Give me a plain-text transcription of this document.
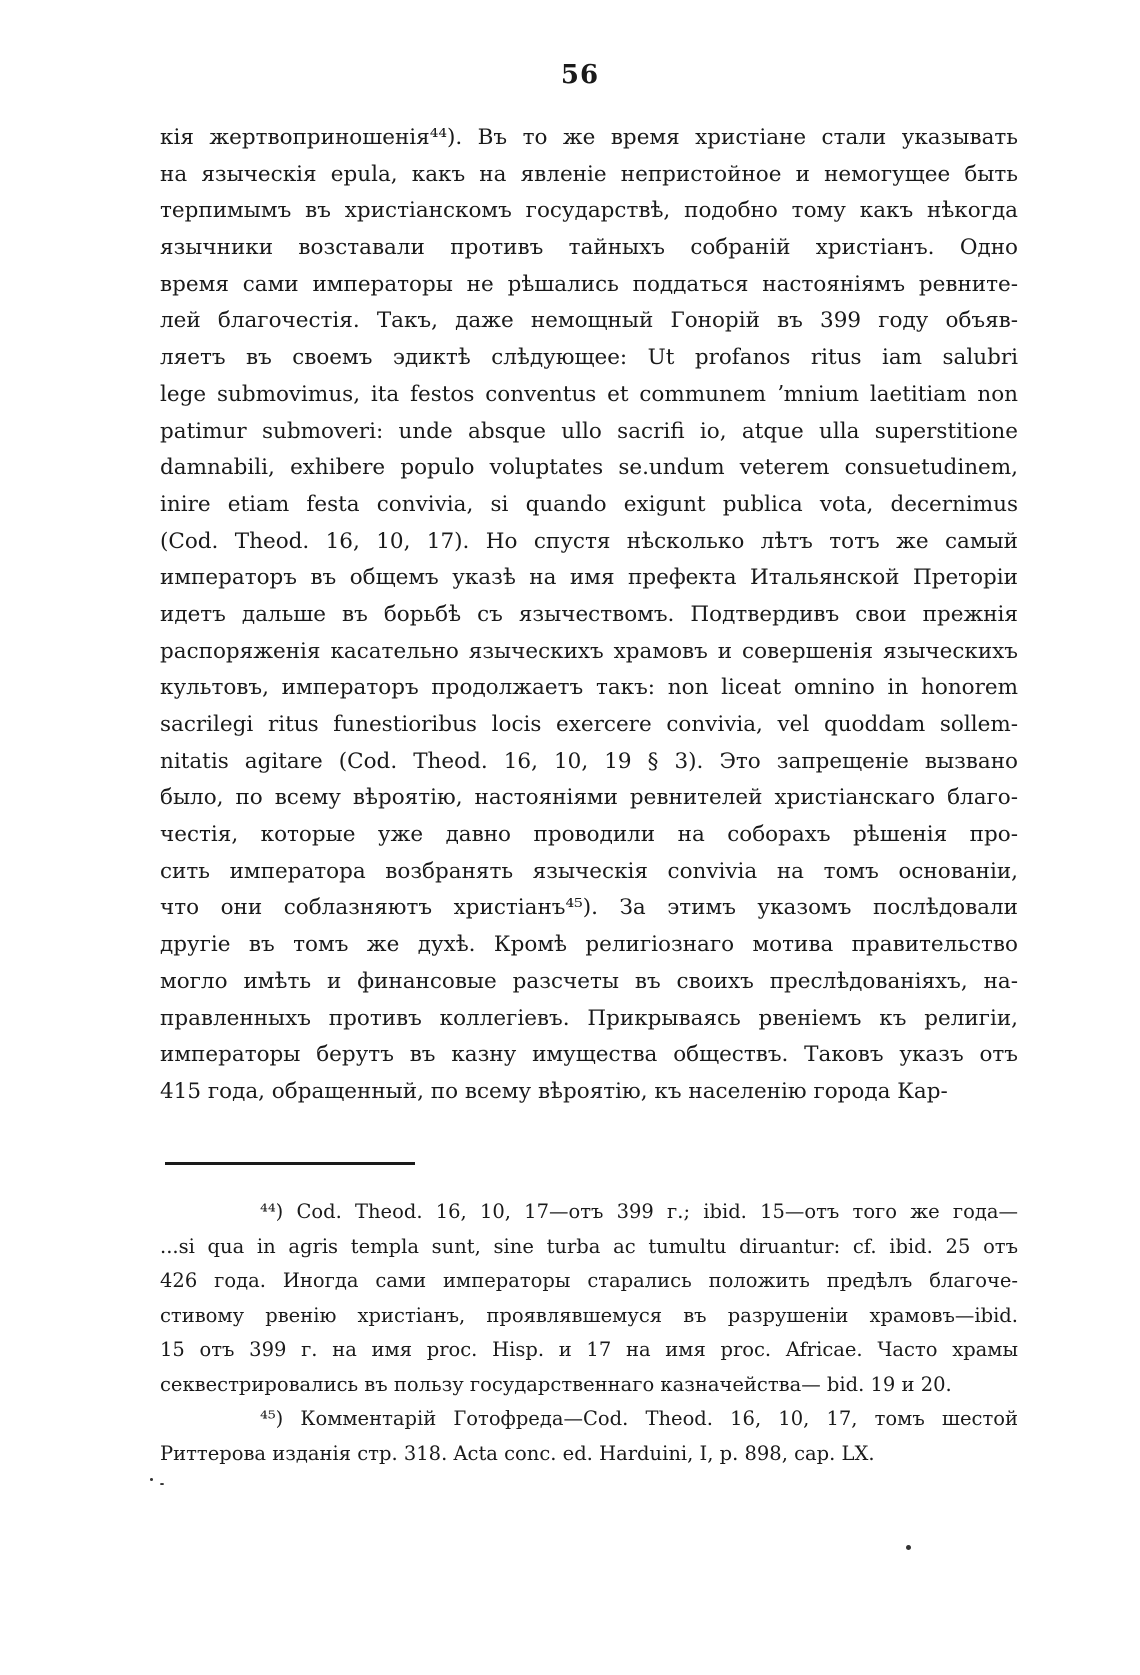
56
кія жертвоприношенія⁴⁴). Въ то же время христіане стали указывать
на языческія epula, какъ на явленіе непристойное и немогущее быть
терпимымъ въ христіанскомъ государствѣ, подобно тому какъ нѣкогда
язычники возставали противъ тайныхъ собраній христіанъ. Одно
время сами императоры не рѣшались поддаться настояніямъ ревните-
лей благочестія. Такъ, даже немощный Гонорій въ 399 году объяв-
ляетъ въ своемъ эдиктѣ слѣдующее: Ut profanos ritus iam salubri
lege submovimus, ita festos conventus et communem ʼmnium laetitiam non
patimur submoveri: unde absque ullo sacrifi io, atque ulla superstitione
damnabili, exhibere populo voluptates se.undum veterem consuetudinem,
inire etiam festa convivia, si quando exigunt publica vota, decernimus
(Cod. Theod. 16, 10, 17). Но спустя нѣсколько лѣтъ тотъ же самый
императоръ въ общемъ указѣ на имя префекта Итальянской Преторіи
идетъ дальше въ борьбѣ съ язычествомъ. Подтвердивъ свои прежнія
распоряженія касательно языческихъ храмовъ и совершенія языческихъ
культовъ, императоръ продолжаетъ такъ: non liceat omnino in honorem
sacrilegi ritus funestioribus locis exercere convivia, vel quoddam sollem-
nitatis agitare (Cod. Theod. 16, 10, 19 § 3). Это запрещеніе вызвано
было, по всему вѣроятію, настояніями ревнителей христіанскаго благо-
честія, которые уже давно проводили на соборахъ рѣшенія про-
сить императора возбранять языческія convivia на томъ основаніи,
что они соблазняютъ христіанъ⁴⁵). За этимъ указомъ послѣдовали
другіе въ томъ же духѣ. Кромѣ религіознаго мотива правительство
могло имѣть и финансовые разсчеты въ своихъ преслѣдованіяхъ, на-
правленныхъ противъ коллегіевъ. Прикрываясь рвеніемъ къ религіи,
императоры берутъ въ казну имущества обществъ. Таковъ указъ отъ
415 года, обращенный, по всему вѣроятію, къ населенію города Кар-
⁴⁴) Cod. Theod. 16, 10, 17—отъ 399 г.; ibid. 15—отъ того же года—
...si qua in agris templa sunt, sine turba ac tumultu diruantur: cf. ibid. 25 отъ
426 года. Иногда сами императоры старались положить предѣлъ благоче-
стивому рвенію христіанъ, проявлявшемуся въ разрушеніи храмовъ—ibid.
15 отъ 399 г. на имя proc. Hisp. и 17 на имя proc. Africae. Часто храмы
секвестрировались въ пользу государственнаго казначейства— bid. 19 и 20.
⁴⁵) Комментарій Готофреда—Cod. Theod. 16, 10, 17, томъ шестой
Риттерова изданія стр. 318. Acta conc. ed. Harduini, I, p. 898, cap. LX.
